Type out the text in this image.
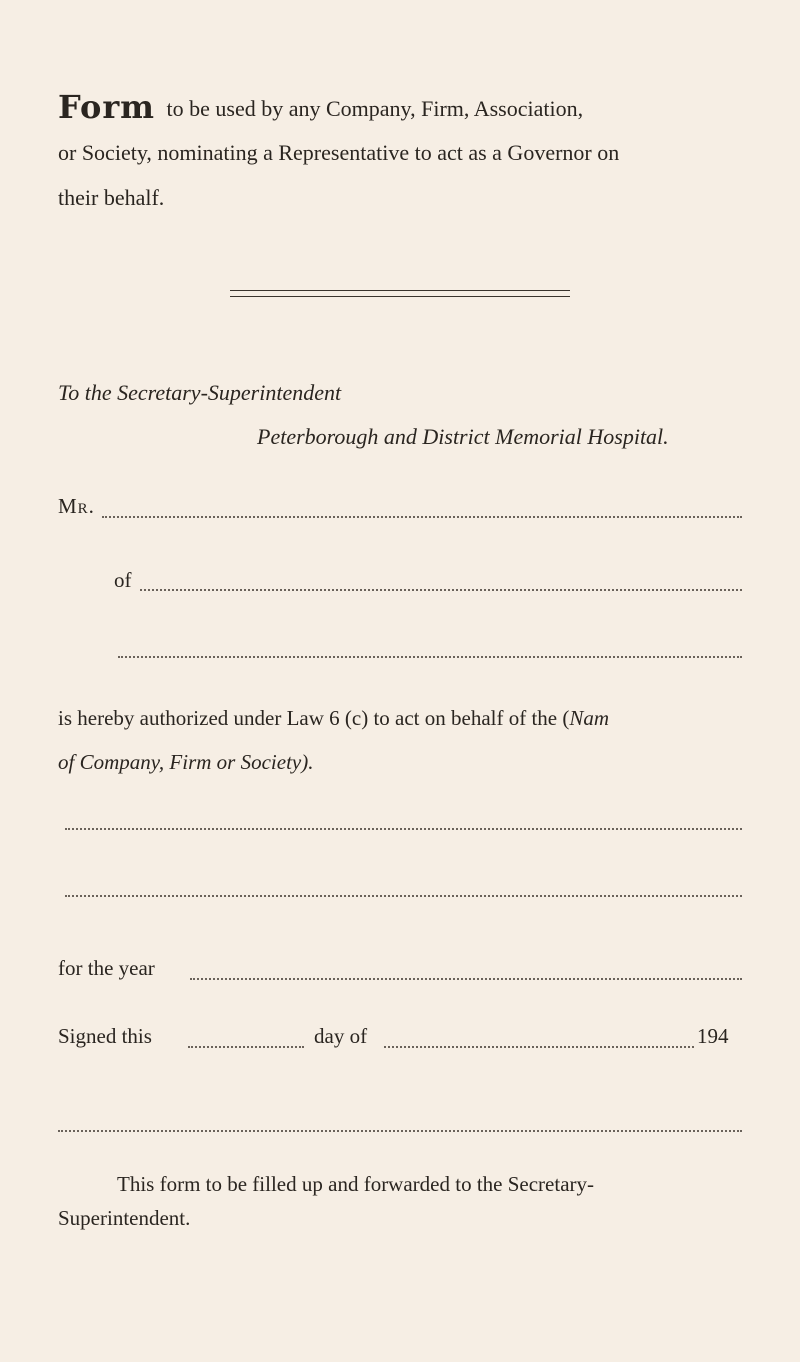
Form to be used by any Company, Firm, Association,
or Society, nominating a Representative to act as a Governor on
their behalf.
To the Secretary-Superintendent
Peterborough and District Memorial Hospital.
Mr.
of
is hereby authorized under Law 6 (c) to act on behalf of the (Nam
of Company, Firm or Society).
for the year
Signed this	day of	194
This form to be filled up and forwarded to the Secretary-
Superintendent.
